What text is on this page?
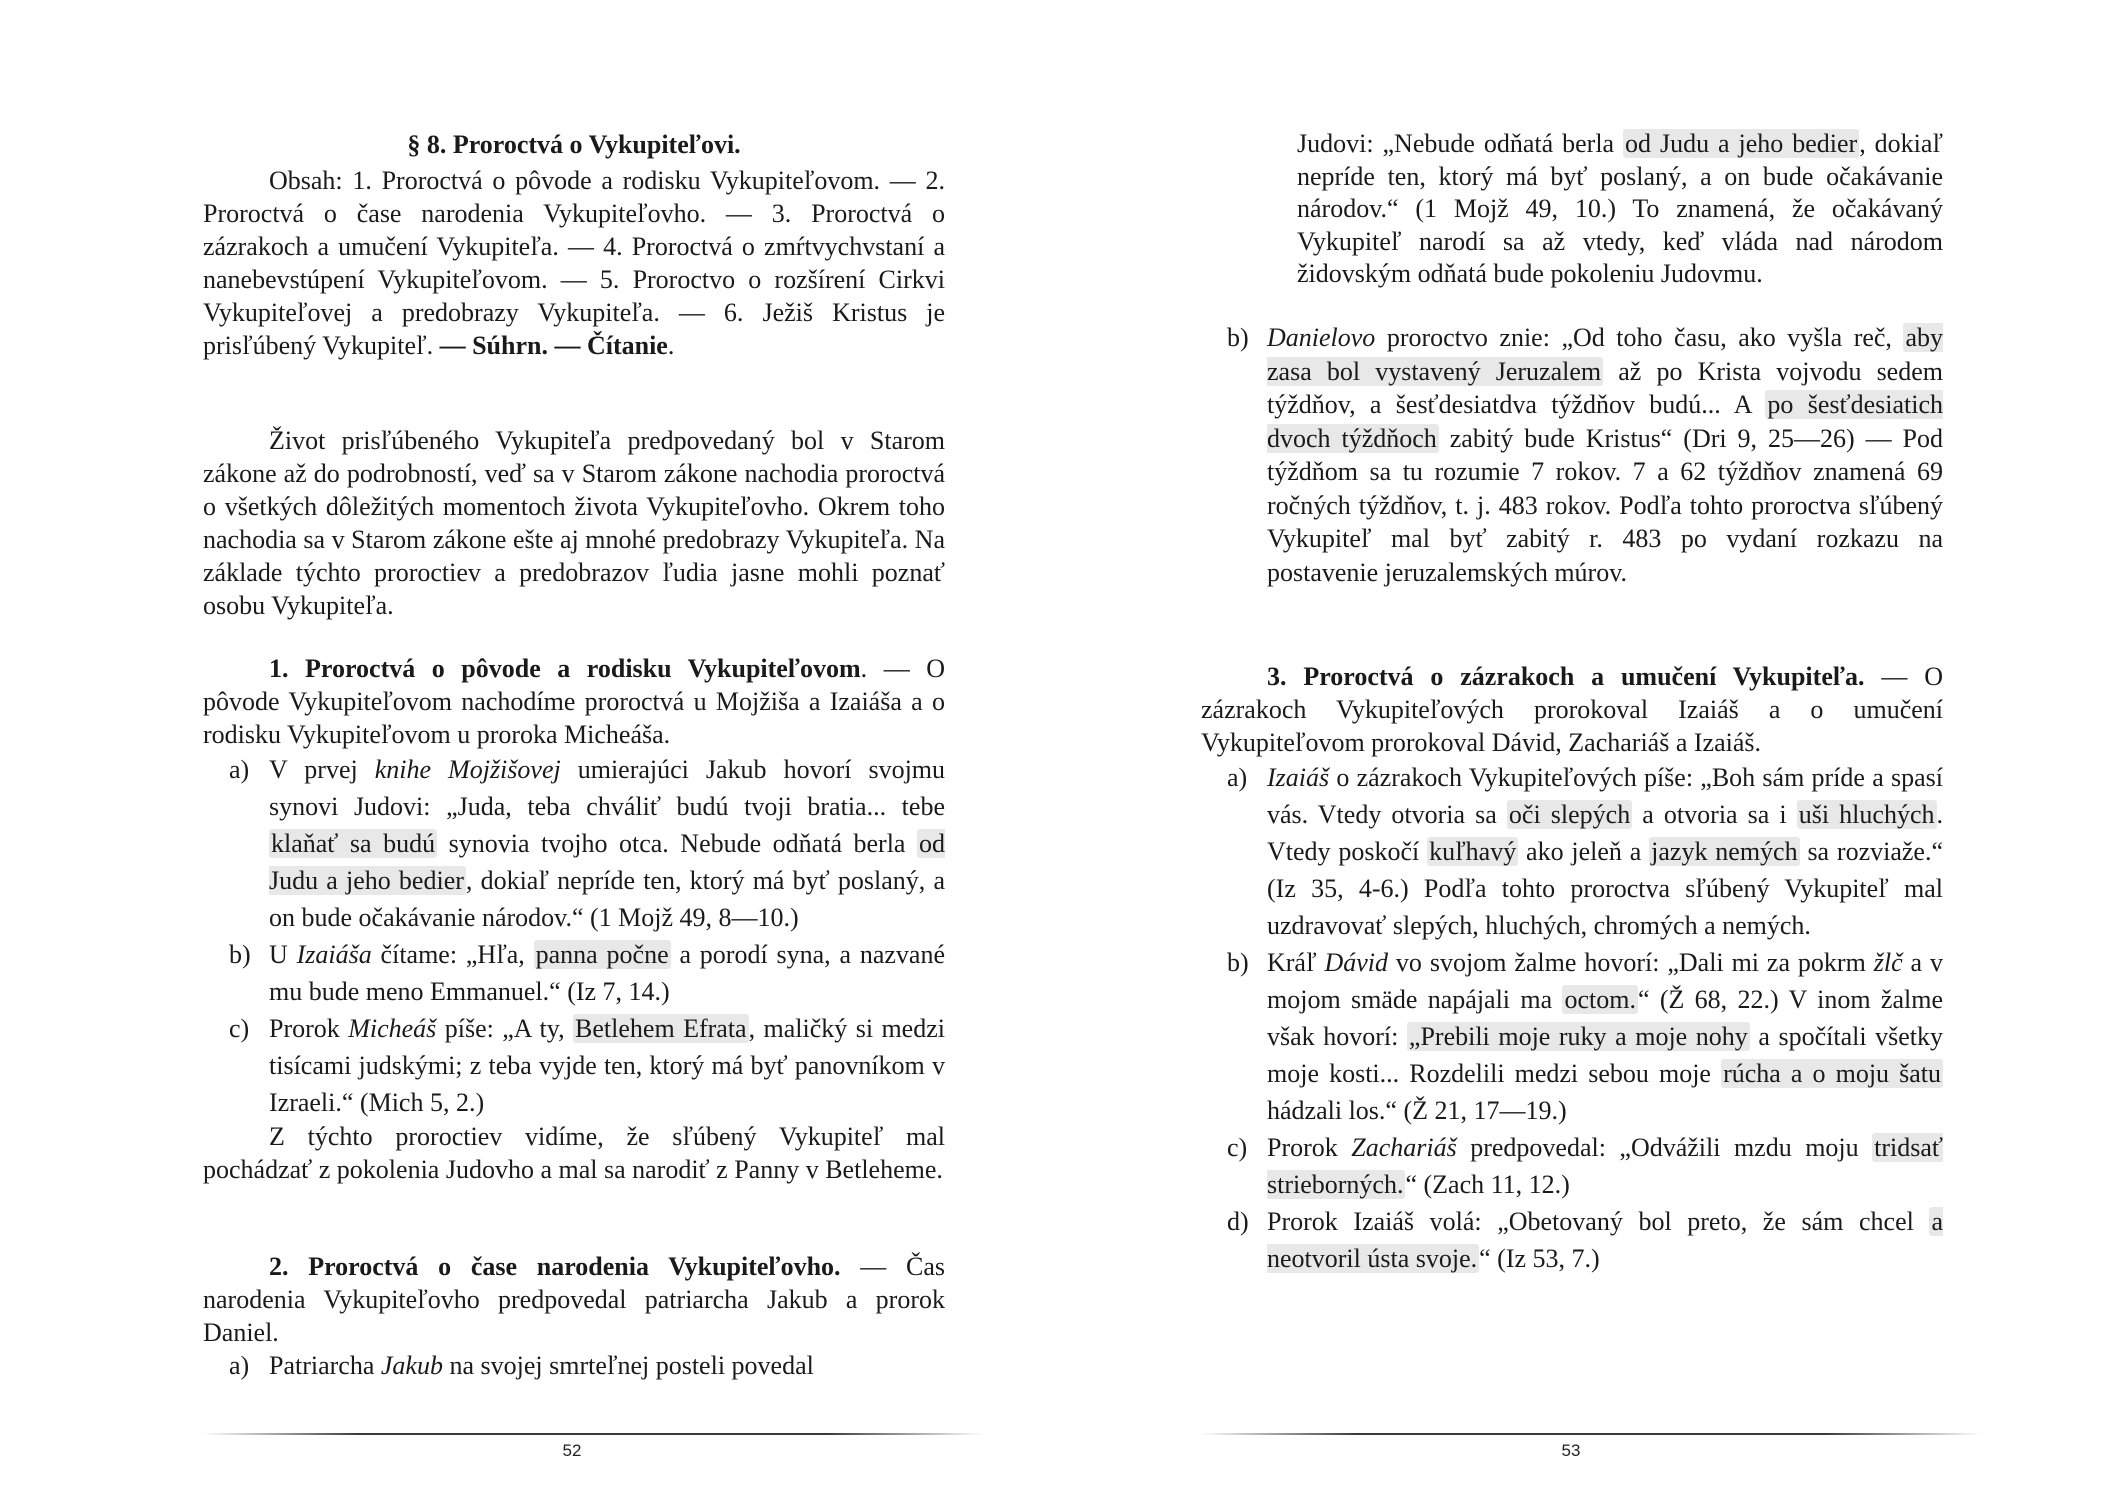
§ 8. Proroctvá o Vykupiteľovi.

Obsah: 1. Proroctvá o pôvode a rodisku Vykupiteľovom. — 2. Proroctvá o čase narodenia Vykupiteľovho. — 3. Proroctvá o zázrakoch a umučení Vykupiteľa. — 4. Proroctvá o zmŕtvychvstaní a nanebevstúpení Vykupiteľovom. — 5. Proroctvo o rozšírení Cirkvi Vykupiteľovej a predobrazy Vykupiteľa. — 6. Ježiš Kristus je prisľúbený Vykupiteľ. — Súhrn. — Čítanie.

Život prisľúbeného Vykupiteľa predpovedaný bol v Starom zákone až do podrobností, veď sa v Starom zákone nachodia proroctvá o všetkých dôležitých momentoch života Vykupiteľovho. Okrem toho nachodia sa v Starom zákone ešte aj mnohé predobrazy Vykupiteľa. Na základe týchto proroctiev a predobrazov ľudia jasne mohli poznať osobu Vykupiteľa.

1. Proroctvá o pôvode a rodisku Vykupiteľovom. — O pôvode Vykupiteľovom nachodíme proroctvá u Mojžiša a Izaiáša a o rodisku Vykupiteľovom u proroka Micheáša.

a) V prvej knihe Mojžišovej umierajúci Jakub hovorí svojmu synovi Judovi: „Juda, teba chváliť budú tvoji bratia... tebe klaňať sa budú synovia tvojho otca. Nebude odňatá berla od Judu a jeho bedier, dokiaľ nepríde ten, ktorý má byť poslaný, a on bude očakávanie národov.“ (1 Mojž 49, 8—10.)
b) U Izaiáša čítame: „Hľa, panna počne a porodí syna, a nazvané mu bude meno Emmanuel.“ (Iz 7, 14.)
c) Prorok Micheáš píše: „A ty, Betlehem Efrata, maličký si medzi tisícami judskými; z teba vyjde ten, ktorý má byť panovníkom v Izraeli.“ (Mich 5, 2.)

Z týchto proroctiev vidíme, že sľúbený Vykupiteľ mal pochádzať z pokolenia Judovho a mal sa narodiť z Panny v Betleheme.

2. Proroctvá o čase narodenia Vykupiteľovho. — Čas narodenia Vykupiteľovho predpovedal patriarcha Jakub a prorok Daniel.

a) Patriarcha Jakub na svojej smrteľnej posteli povedal
52

Judovi: „Nebude odňatá berla od Judu a jeho bedier, dokiaľ nepríde ten, ktorý má byť poslaný, a on bude očakávanie národov.“ (1 Mojž 49, 10.) To znamená, že očakávaný Vykupiteľ narodí sa až vtedy, keď vláda nad národom židovským odňatá bude pokoleniu Judovmu.

b) Danielovo proroctvo znie: „Od toho času, ako vyšla reč, aby zasa bol vystavený Jeruzalem až po Krista vojvodu sedem týždňov, a šesťdesiatdva týždňov budú... A po šesťdesiatich dvoch týždňoch zabitý bude Kristus“ (Dri 9, 25—26) — Pod týždňom sa tu rozumie 7 rokov. 7 a 62 týždňov znamená 69 ročných týždňov, t. j. 483 rokov. Podľa tohto proroctva sľúbený Vykupiteľ mal byť zabitý r. 483 po vydaní rozkazu na postavenie jeruzalemských múrov.

3. Proroctvá o zázrakoch a umučení Vykupiteľa. — O zázrakoch Vykupiteľových prorokoval Izaiáš a o umučení Vykupiteľovom prorokoval Dávid, Zachariáš a Izaiáš.

a) Izaiáš o zázrakoch Vykupiteľových píše: „Boh sám príde a spasí vás. Vtedy otvoria sa oči slepých a otvoria sa i uši hluchých. Vtedy poskočí kuľhavý ako jeleň a jazyk nemých sa rozviaže.“ (Iz 35, 4-6.) Podľa tohto proroctva sľúbený Vykupiteľ mal uzdravovať slepých, hluchých, chromých a nemých.
b) Kráľ Dávid vo svojom žalme hovorí: „Dali mi za pokrm žlč a v mojom smäde napájali ma octom.“ (Ž 68, 22.) V inom žalme však hovorí: „Prebili moje ruky a moje nohy a spočítali všetky moje kosti... Rozdelili medzi sebou moje rúcha a o moju šatu hádzali los.“ (Ž 21, 17—19.)
c) Prorok Zachariáš predpovedal: „Odvážili mzdu moju tridsať strieborných.“ (Zach 11, 12.)
d) Prorok Izaiáš volá: „Obetovaný bol preto, že sám chcel a neotvoril ústa svoje.“ (Iz 53, 7.)
53
